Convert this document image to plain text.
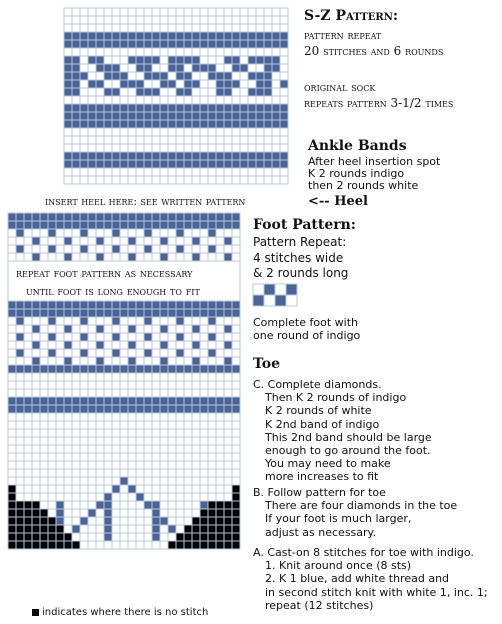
S-Z Pattern:
pattern repeat
20 stitches and 6 rounds
original sock
repeats pattern 3-1/2 times
Ankle Bands
After heel insertion spot
K 2 rounds indigo
then 2 rounds white
insert heel here: see written pattern	<-- Heel
repeat foot pattern as necessary
until foot is long enough to fit
Foot Pattern:
Pattern Repeat:
4 stitches wide
& 2 rounds long
Complete foot with
one round of indigo
Toe
C. Complete diamonds.
Then K 2 rounds of indigo
K 2 rounds of white
K 2nd band of indigo
This 2nd band should be large
enough to go around the foot.
You may need to make
more increases to fit
B. Follow pattern for toe
There are four diamonds in the toe
If your foot is much larger,
adjust as necessary.
A. Cast-on 8 stitches for toe with indigo.
1. Knit around once (8 sts)
2. K 1 blue, add white thread and
in second stitch knit with white 1, inc. 1;
repeat (12 stitches)
indicates where there is no stitch
